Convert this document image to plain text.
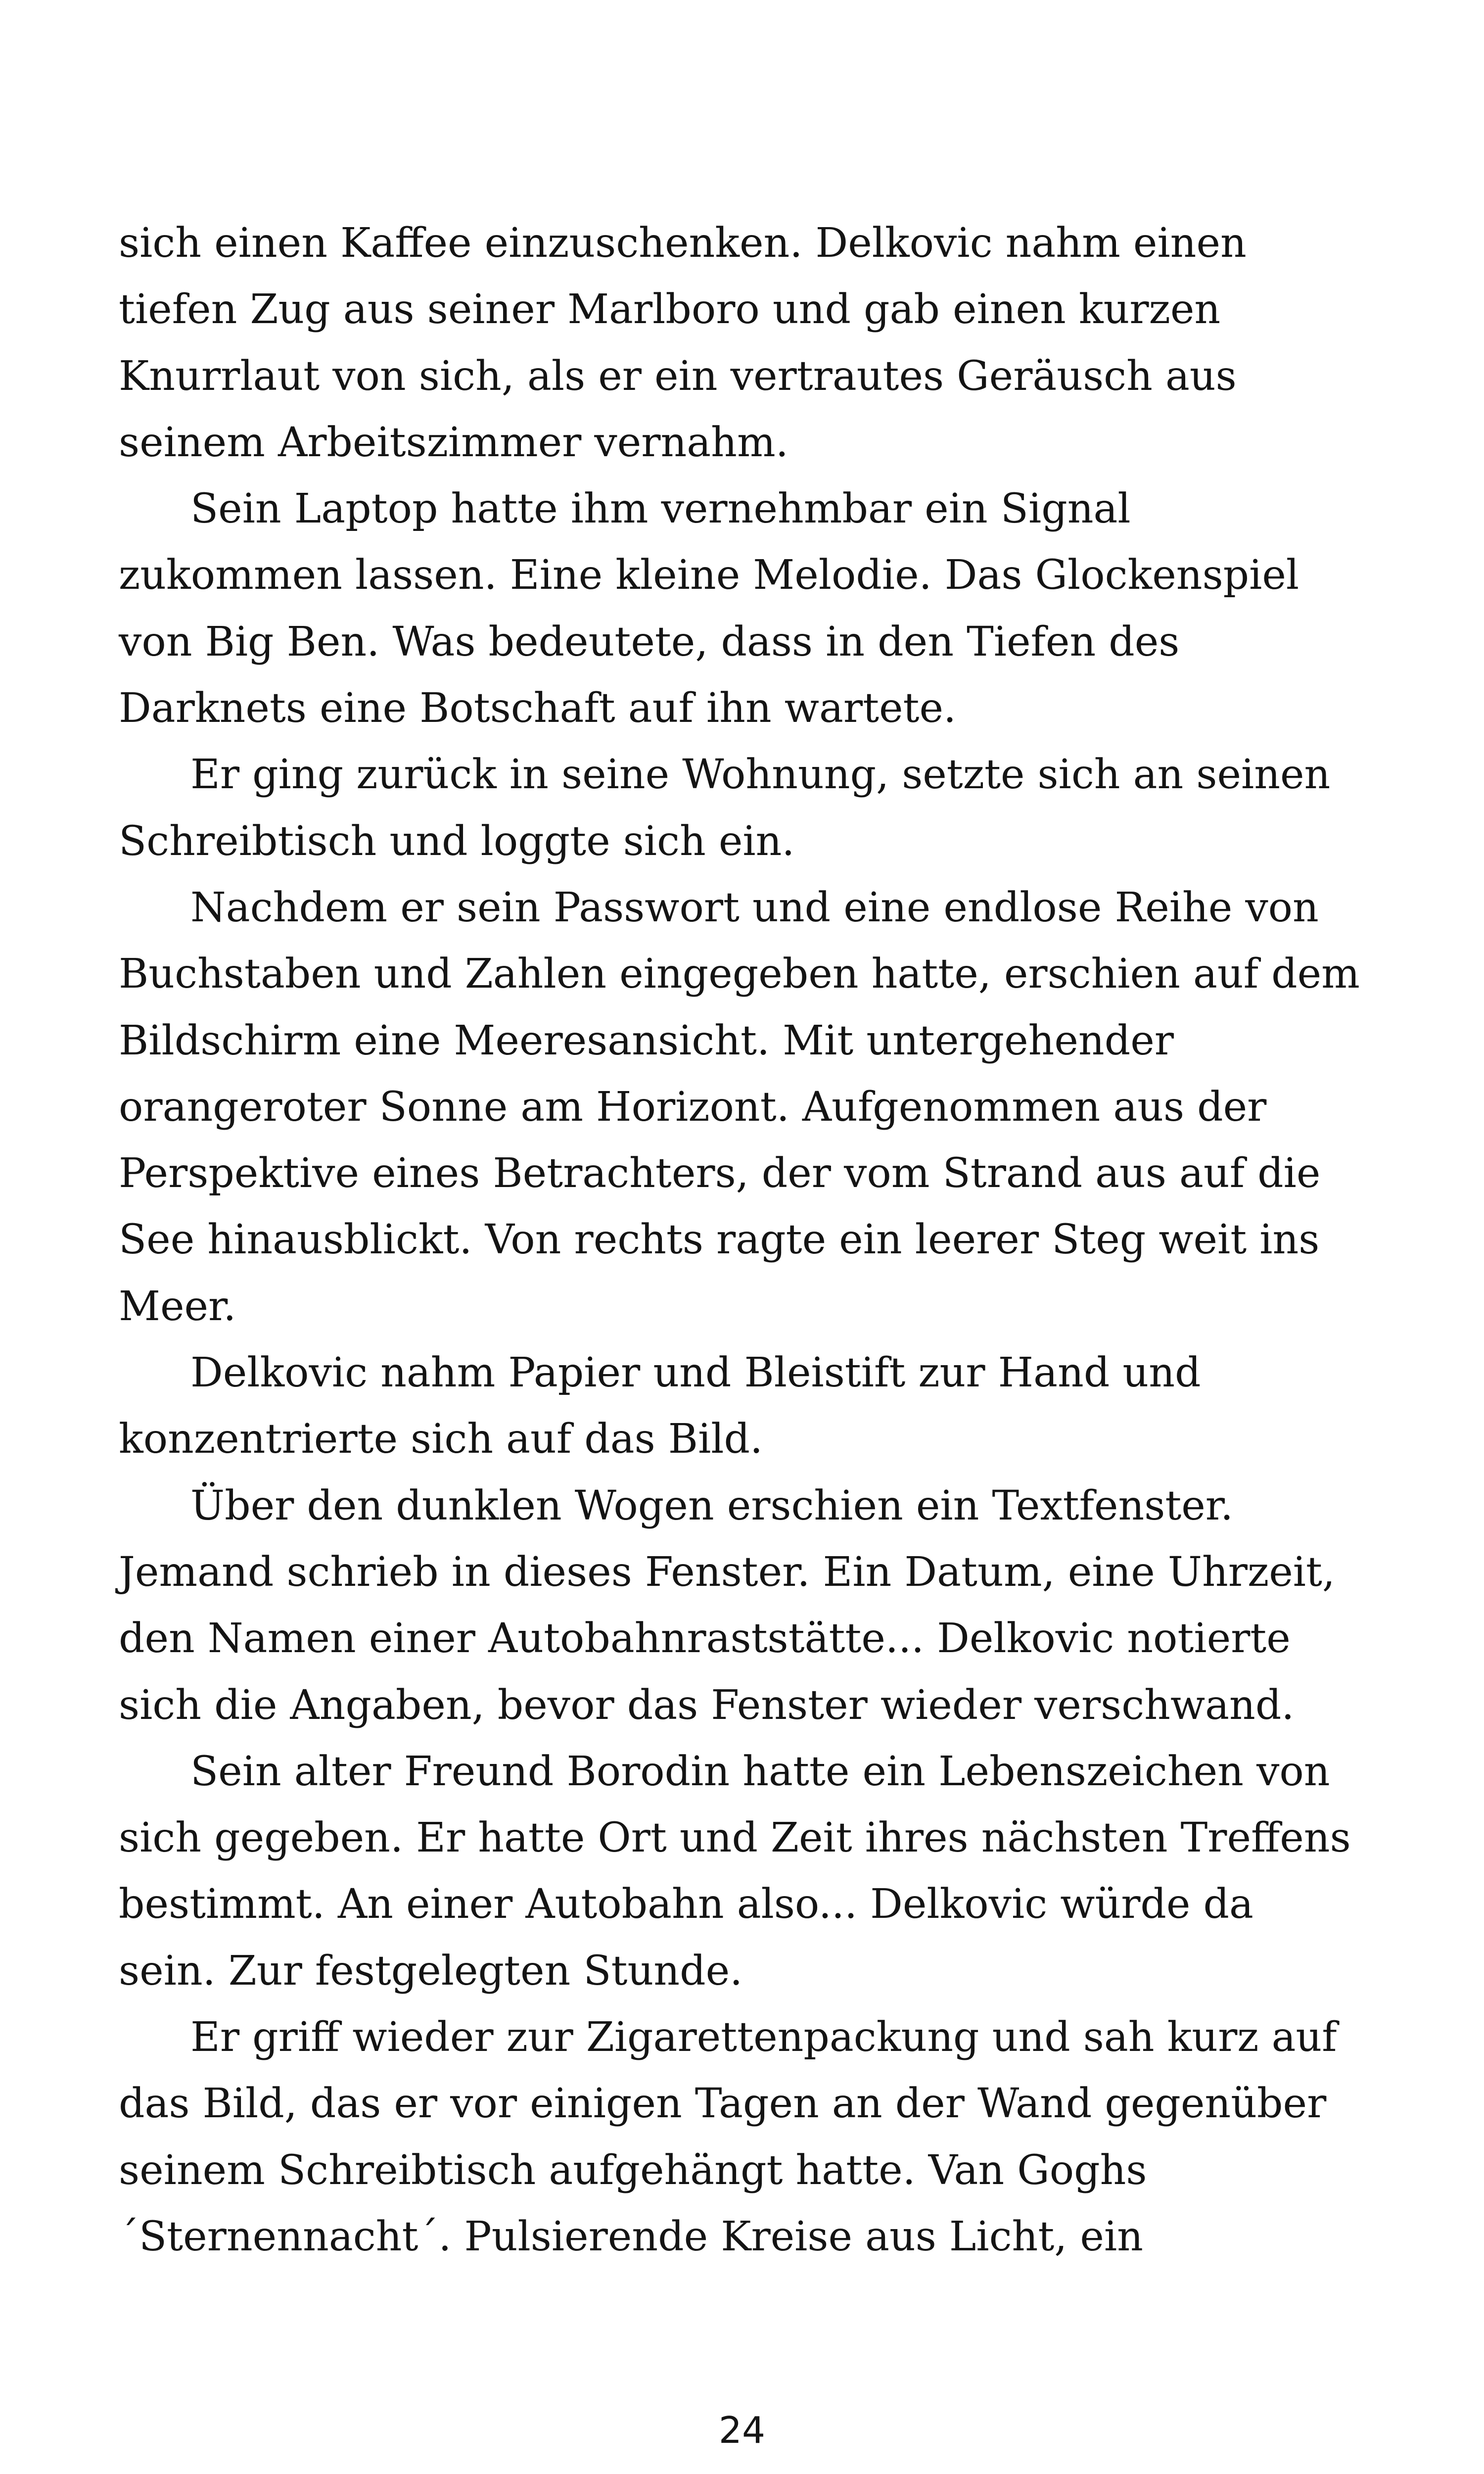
sich einen Kaffee einzuschenken. Delkovic nahm einen
tiefen Zug aus seiner Marlboro und gab einen kurzen
Knurrlaut von sich, als er ein vertrautes Geräusch aus
seinem Arbeitszimmer vernahm.
Sein Laptop hatte ihm vernehmbar ein Signal
zukommen lassen. Eine kleine Melodie. Das Glockenspiel
von Big Ben. Was bedeutete, dass in den Tiefen des
Darknets eine Botschaft auf ihn wartete.
Er ging zurück in seine Wohnung, setzte sich an seinen
Schreibtisch und loggte sich ein.
Nachdem er sein Passwort und eine endlose Reihe von
Buchstaben und Zahlen eingegeben hatte, erschien auf dem
Bildschirm eine Meeresansicht. Mit untergehender
orangeroter Sonne am Horizont. Aufgenommen aus der
Perspektive eines Betrachters, der vom Strand aus auf die
See hinausblickt. Von rechts ragte ein leerer Steg weit ins
Meer.
Delkovic nahm Papier und Bleistift zur Hand und
konzentrierte sich auf das Bild.
Über den dunklen Wogen erschien ein Textfenster.
Jemand schrieb in dieses Fenster. Ein Datum, eine Uhrzeit,
den Namen einer Autobahnraststätte... Delkovic notierte
sich die Angaben, bevor das Fenster wieder verschwand.
Sein alter Freund Borodin hatte ein Lebenszeichen von
sich gegeben. Er hatte Ort und Zeit ihres nächsten Treffens
bestimmt. An einer Autobahn also... Delkovic würde da
sein. Zur festgelegten Stunde.
Er griff wieder zur Zigarettenpackung und sah kurz auf
das Bild, das er vor einigen Tagen an der Wand gegenüber
seinem Schreibtisch aufgehängt hatte. Van Goghs
´Sternennacht´. Pulsierende Kreise aus Licht, ein
24
